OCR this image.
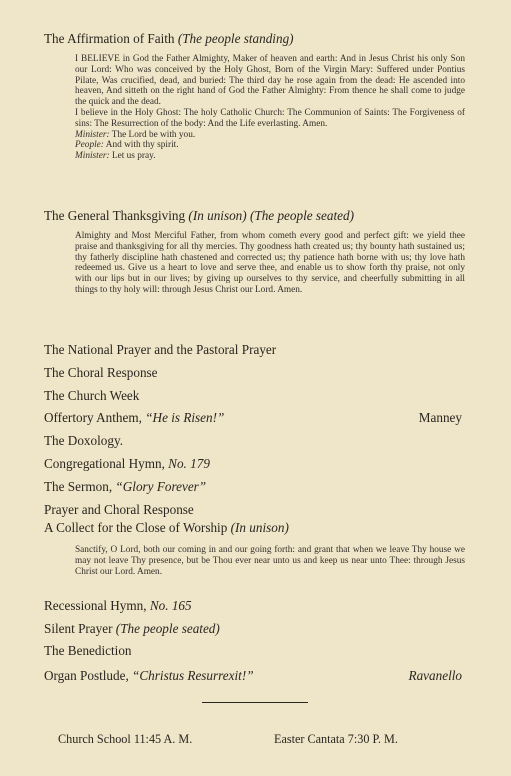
The Affirmation of Faith (The people standing)

I BELIEVE in God the Father Almighty, Maker of heaven and earth: And in Jesus Christ his only Son our Lord: Who was conceived by the Holy Ghost, Born of the Virgin Mary: Suffered under Pontius Pilate, Was crucified, dead, and buried: The third day he rose again from the dead: He ascended into heaven, And sitteth on the right hand of God the Father Almighty: From thence he shall come to judge the quick and the dead.

I believe in the Holy Ghost: The holy Catholic Church: The Communion of Saints: The Forgiveness of sins: The Resurrection of the body: And the Life everlasting. Amen.

Minister: The Lord be with you.

People: And with thy spirit.

Minister: Let us pray.

The General Thanksgiving (In unison) (The people seated)

Almighty and Most Merciful Father, from whom cometh every good and perfect gift: we yield thee praise and thanksgiving for all thy mercies. Thy goodness hath created us; thy bounty hath sustained us; thy fatherly discipline hath chastened and corrected us; thy patience hath borne with us; thy love hath redeemed us. Give us a heart to love and serve thee, and enable us to show forth thy praise, not only with our lips but in our lives; by giving up ourselves to thy service, and cheerfully submitting in all things to thy holy will: through Jesus Christ our Lord. Amen.

The National Prayer and the Pastoral Prayer
The Choral Response
The Church Week
Offertory Anthem, “He is Risen!”	Manney
The Doxology.
Congregational Hymn, No. 179
The Sermon, “Glory Forever”
Prayer and Choral Response
A Collect for the Close of Worship (In unison)

Sanctify, O Lord, both our coming in and our going forth: and grant that when we leave Thy house we may not leave Thy presence, but be Thou ever near unto us and keep us near unto Thee: through Jesus Christ our Lord. Amen.

Recessional Hymn, No. 165
Silent Prayer (The people seated)
The Benediction
Organ Postlude, “Christus Resurrexit!”	Ravanello
Church School 11:45 A. M.	Easter Cantata 7:30 P. M.
